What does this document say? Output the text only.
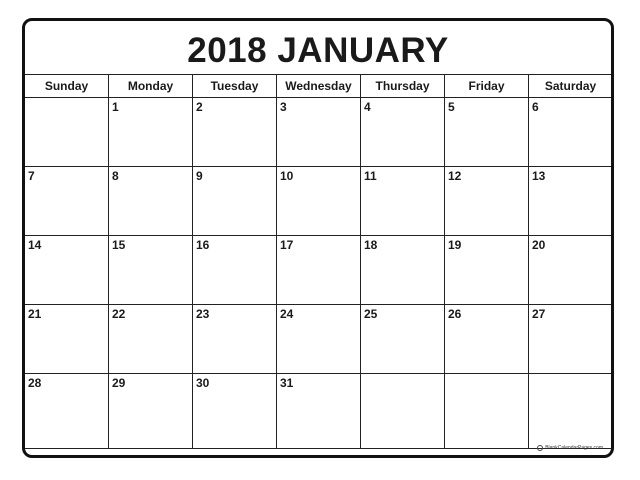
2018 JANUARY
Sunday	Monday	Tuesday	Wednesday	Thursday	Friday	Saturday

	1	2	3	4	5	6

7	8	9	10	11	12	13

14	15	16	17	18	19	20

21	22	23	24	25	26	27

28	29	30	31			

BlankCalendarPages.com
